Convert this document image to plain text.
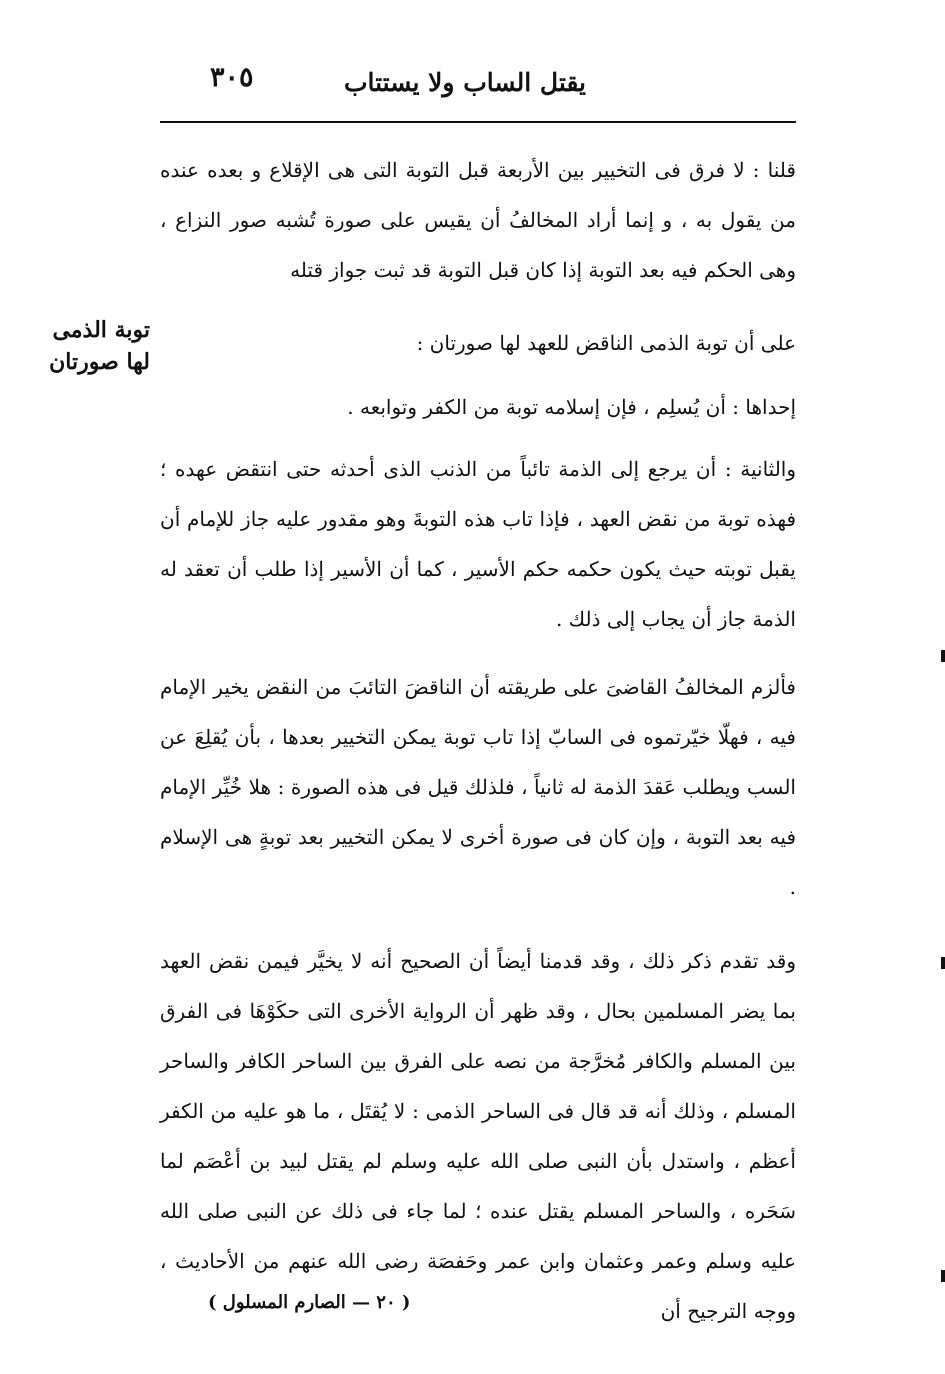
يقتل الساب ولا يستتاب
٣٠٥
توبة الذمى
لها صورتان
قلنا : لا فرق فى التخيير بين الأربعة قبل التوبة التى هى الإقلاع و بعده عنده من يقول به ، و إنما أراد المخالفُ أن يقيس على صورة تُشبه صور النزاع ، وهى الحكم فيه بعد التوبة إذا كان قبل التوبة قد ثبت جواز قتله
على أن توبة الذمى الناقض للعهد لها صورتان :
إحداها : أن يُسلِم ، فإن إسلامه توبة من الكفر وتوابعه .
والثانية : أن يرجع إلى الذمة تائباً من الذنب الذى أحدثه حتى انتقض عهده ؛ فهذه توبة من نقض العهد ، فإذا تاب هذه التوبةَ وهو مقدور عليه جاز للإمام أن يقبل توبته حيث يكون حكمه حكم الأسير ، كما أن الأسير إذا طلب أن تعقد له الذمة جاز أن يجاب إلى ذلك .
فألزم المخالفُ القاضىَ على طريقته أن الناقضَ التائبَ من النقض يخير الإمام فيه ، فهلّا خيّرتموه فى السابّ إذا تاب توبة يمكن التخيير بعدها ، بأن يُقلِعَ عن السب ويطلب عَقدَ الذمة له ثانياً ، فلذلك قيل فى هذه الصورة : هلا خُيِّر الإمام فيه بعد التوبة ، وإن كان فى صورة أخرى لا يمكن التخيير بعد توبةٍ هى الإسلام .
وقد تقدم ذكر ذلك ، وقد قدمنا أيضاً أن الصحيح أنه لا يخيَّر فيمن نقض العهد بما يضر المسلمين بحال ، وقد ظهر أن الرواية الأخرى التى حكَوْهَا فى الفرق بين المسلم والكافر مُخرَّجة من نصه على الفرق بين الساحر الكافر والساحر المسلم ، وذلك أنه قد قال فى الساحر الذمى : لا يُقتَل ، ما هو عليه من الكفر أعظم ، واستدل بأن النبى صلى الله عليه وسلم لم يقتل لبيد بن أعْصَم لما سَحَره ، والساحر المسلم يقتل عنده ؛ لما جاء فى ذلك عن النبى صلى الله عليه وسلم وعمر وعثمان وابن عمر وحَفصَة رضى الله عنهم من الأحاديث ، ووجه الترجيح أن
( ٢٠ — الصارم المسلول )
